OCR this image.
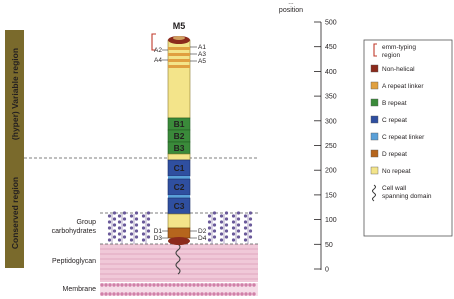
(hyper) Variable region
Conserved region	Group
carbohydrates
Peptidoglycan
Membrane
M5
A2
A4
A1
A3
A5
B1
B2
B3
C1
C2
C3
D1
D3
D2
D4
...
position
500
450
400
350
300
250
200
150
100
50
0
emm-typing
region
Non-helical
A repeat linker
B repeat
C repeat
C repeat linker
D repeat
No repeat
Cell wall
spanning domain
